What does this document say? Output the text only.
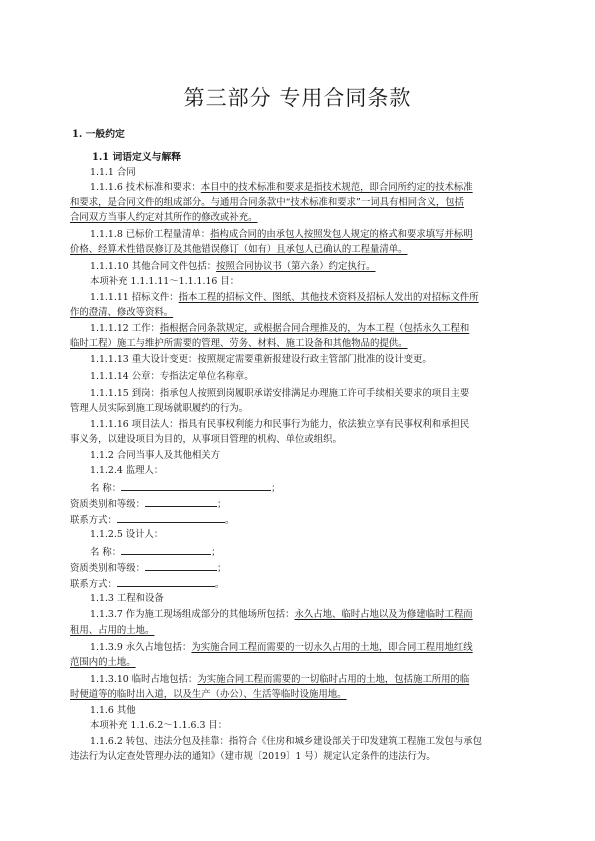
第三部分 专用合同条款
1. 一般约定
1.1 词语定义与解释
1.1.1 合同
1.1.1.6 技术标准和要求：本目中的技术标准和要求是指技术规范，即合同所约定的技术标准
和要求，是合同文件的组成部分。与通用合同条款中“技术标准和要求”一词具有相同含义，包括
合同双方当事人约定对其所作的修改或补充。
1.1.1.8 已标价工程量清单：指构成合同的由承包人按照发包人规定的格式和要求填写并标明
价格、经算术性错误修订及其他错误修订（如有）且承包人已确认的工程量清单。
1.1.1.10 其他合同文件包括：按照合同协议书（第六条）约定执行。
本项补充 1.1.1.11～1.1.1.16 目：
1.1.1.11 招标文件：指本工程的招标文件、图纸、其他技术资料及招标人发出的对招标文件所
作的澄清、修改等资料。
1.1.1.12 工作：指根据合同条款规定，或根据合同合理推及的，为本工程（包括永久工程和
临时工程）施工与维护所需要的管理、劳务、材料、施工设备和其他物品的提供。
1.1.1.13 重大设计变更：按照规定需要重新报建设行政主管部门批准的设计变更。
1.1.1.14 公章：专指法定单位名称章。
1.1.1.15 到岗：指承包人按照到岗履职承诺安排满足办理施工许可手续相关要求的项目主要
管理人员实际到施工现场就职履约的行为。
1.1.1.16 项目法人：指具有民事权利能力和民事行为能力，依法独立享有民事权利和承担民
事义务，以建设项目为目的，从事项目管理的机构、单位或组织。
1.1.2 合同当事人及其他相关方
1.1.2.4 监理人：
名 称：	；
资质类别和等级：	；
联系方式：	。
1.1.2.5 设计人：
名 称：	；
资质类别和等级：	；
联系方式：	。
1.1.3 工程和设备
1.1.3.7 作为施工现场组成部分的其他场所包括：永久占地、临时占地以及为修建临时工程而
租用、占用的土地。
1.1.3.9 永久占地包括：为实施合同工程而需要的一切永久占用的土地，即合同工程用地红线
范围内的土地。
1.1.3.10 临时占地包括：为实施合同工程而需要的一切临时占用的土地，包括施工所用的临
时便道等的临时出入道，以及生产（办公）、生活等临时设施用地。
1.1.6 其他
本项补充 1.1.6.2～1.1.6.3 目：
1.1.6.2 转包、违法分包及挂靠：指符合《住房和城乡建设部关于印发建筑工程施工发包与承包
违法行为认定查处管理办法的通知》（建市规〔2019〕1 号）规定认定条件的违法行为。
